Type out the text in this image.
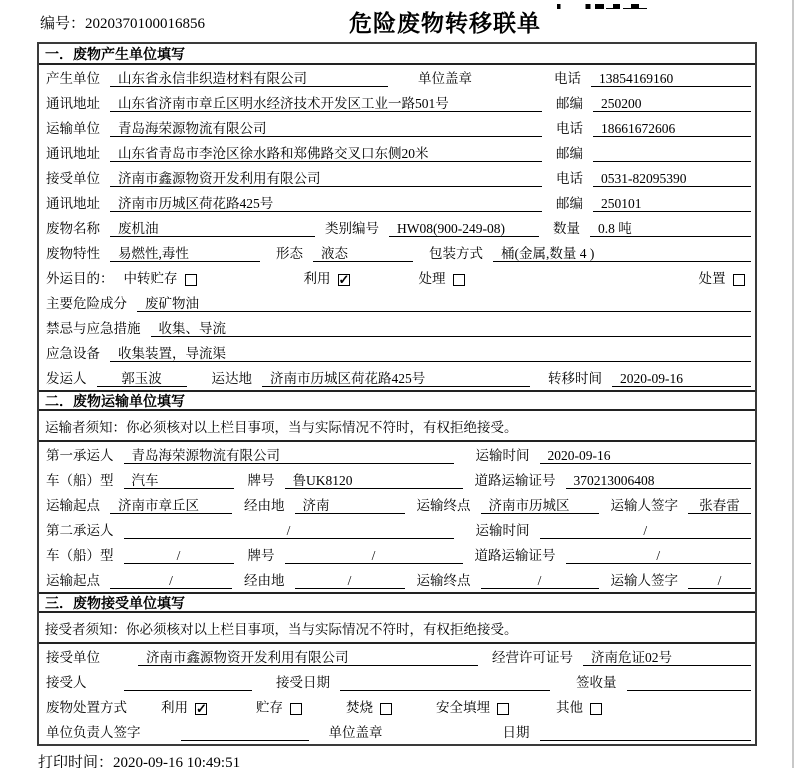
编号：2020370100016856	危险废物转移联单
一．废物产生单位填写
产生单位	山东省永信非织造材料有限公司	单位盖章	电话	13854169160
通讯地址	山东省济南市章丘区明水经济技术开发区工业一路501号	邮编	250200
运输单位	青岛海荣源物流有限公司	电话	18661672606
通讯地址	山东省青岛市李沧区徐水路和郑佛路交叉口东侧20米	邮编
接受单位	济南市鑫源物资开发利用有限公司	电话	0531-82095390
通讯地址	济南市历城区荷花路425号	邮编	250101
废物名称	废机油	类别编号	HW08(900-249-08)	数量	0.8 吨
废物特性	易燃性,毒性	形态	液态	包装方式	桶(金属,数量 4 )
外运目的： 中转贮存	利用 ✓	处理	处置
主要危险成分	废矿物油
禁忌与应急措施	收集、导流
应急设备	收集装置，导流渠
发运人	郭玉波	运达地	济南市历城区荷花路425号	转移时间	2020-09-16
二．废物运输单位填写
运输者须知：你必须核对以上栏目事项，当与实际情况不符时，有权拒绝接受。
第一承运人	青岛海荣源物流有限公司	运输时间	2020-09-16
车（船）型	汽车	牌号	鲁UK8120	道路运输证号	370213006408
运输起点	济南市章丘区	经由地	济南	运输终点	济南市历城区	运输人签字	张春雷
第二承运人	/	运输时间	/
车（船）型	/	牌号	/	道路运输证号	/
运输起点	/	经由地	/	运输终点	/	运输人签字	/
三．废物接受单位填写
接受者须知：你必须核对以上栏目事项，当与实际情况不符时，有权拒绝接受。
接受单位	济南市鑫源物资开发利用有限公司	经营许可证号	济南危证02号
接受人	接受日期	签收量
废物处置方式	利用 ✓	贮存	焚烧	安全填埋	其他
单位负责人签字	单位盖章	日期
打印时间：2020-09-16 10:49:51
